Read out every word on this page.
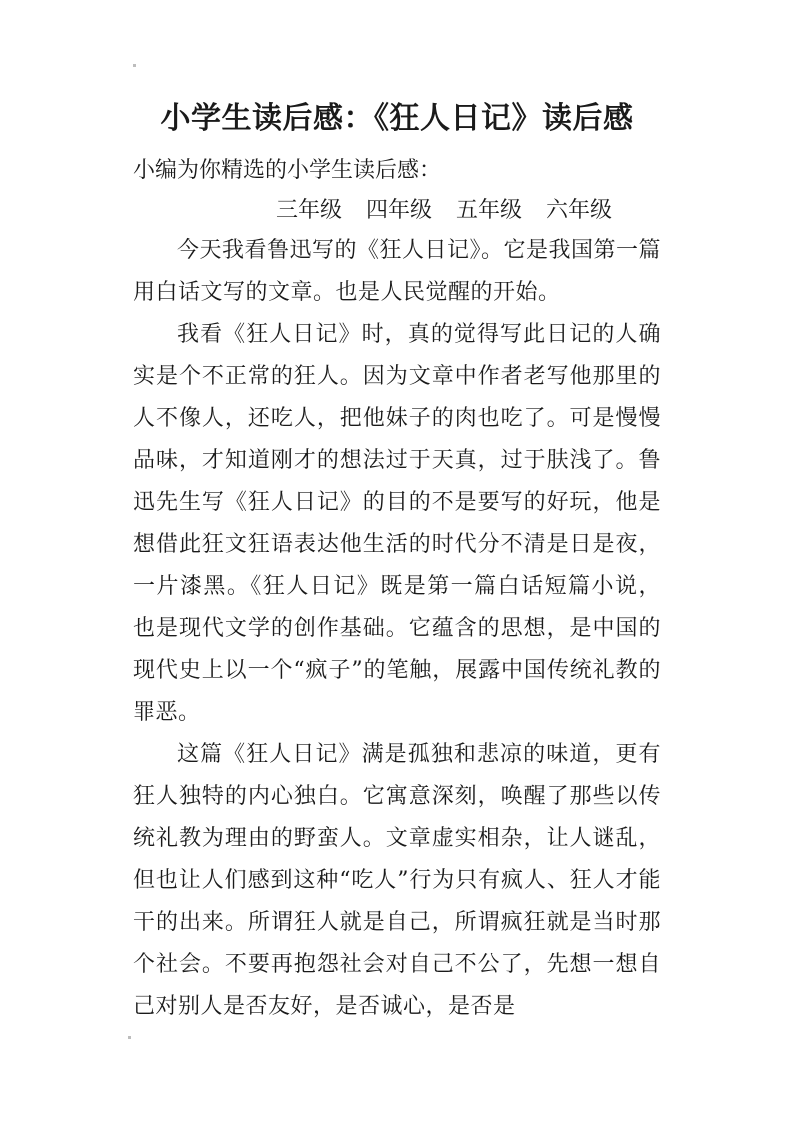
小学生读后感：《狂人日记》读后感

小编为你精选的小学生读后感：

三年级 四年级 五年级 六年级

今天我看鲁迅写的《狂人日记》。它是我国第一篇用白话文写的文章。也是人民觉醒的开始。

我看《狂人日记》时，真的觉得写此日记的人确实是个不正常的狂人。因为文章中作者老写他那里的人不像人，还吃人，把他妹子的肉也吃了。可是慢慢品味，才知道刚才的想法过于天真，过于肤浅了。鲁迅先生写《狂人日记》的目的不是要写的好玩，他是想借此狂文狂语表达他生活的时代分不清是日是夜，一片漆黑。《狂人日记》既是第一篇白话短篇小说，也是现代文学的创作基础。它蕴含的思想，是中国的现代史上以一个“疯子”的笔触，展露中国传统礼教的罪恶。

这篇《狂人日记》满是孤独和悲凉的味道，更有狂人独特的内心独白。它寓意深刻，唤醒了那些以传统礼教为理由的野蛮人。文章虚实相杂，让人谜乱，但也让人们感到这种“吃人”行为只有疯人、狂人才能干的出来。所谓狂人就是自己，所谓疯狂就是当时那个社会。不要再抱怨社会对自己不公了，先想一想自己对别人是否友好，是否诚心，是否是
